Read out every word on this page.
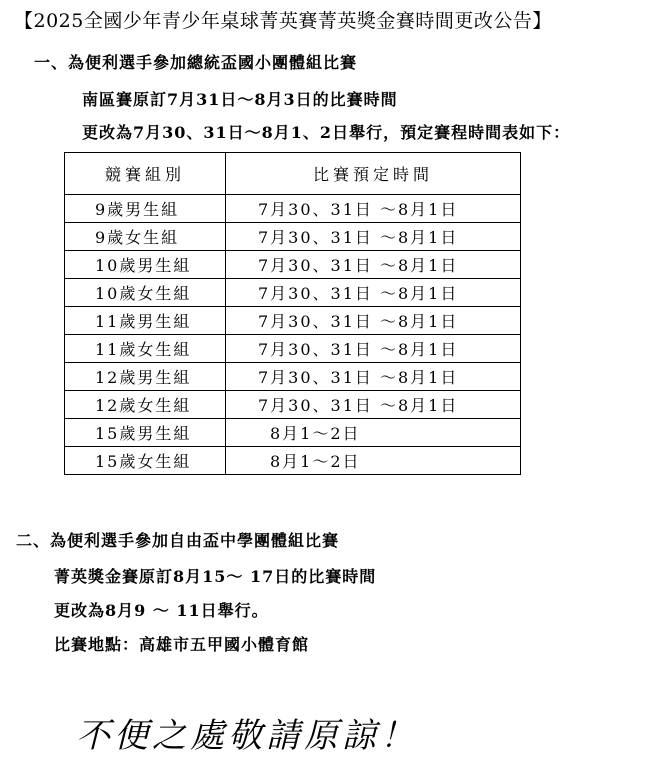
【2025全國少年青少年桌球菁英賽菁英獎金賽時間更改公告】
一、為便利選手參加總統盃國小團體組比賽
南區賽原訂7月31日〜8月3日的比賽時間
更改為7月30、31日〜8月1、2日舉行，預定賽程時間表如下：
競賽組別	比賽預定時間
9歲男生組	7月30、31日 〜8月1日
9歲女生組	7月30、31日 〜8月1日
10歲男生組	7月30、31日 〜8月1日
10歲女生組	7月30、31日 〜8月1日
11歲男生組	7月30、31日 〜8月1日
11歲女生組	7月30、31日 〜8月1日
12歲男生組	7月30、31日 〜8月1日
12歲女生組	7月30、31日 〜8月1日
15歲男生組	8月1〜2日
15歲女生組	8月1〜2日
二、為便利選手參加自由盃中學團體組比賽
菁英獎金賽原訂8月15〜 17日的比賽時間
更改為8月9 〜 11日舉行。
比賽地點：高雄市五甲國小體育館
不便之處敬請原諒！
